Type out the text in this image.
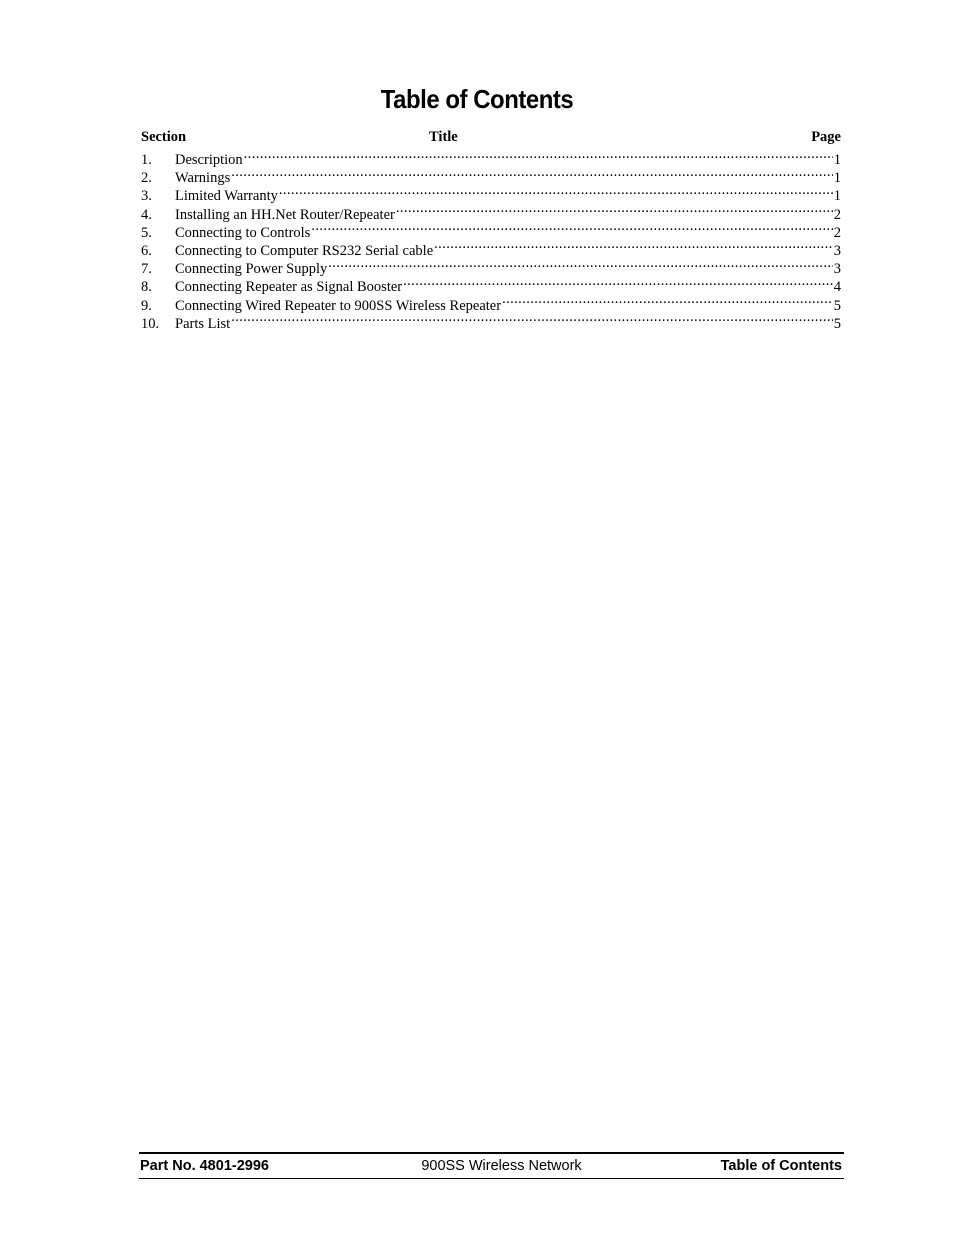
Table of Contents
Section	Title	Page
1.	Description .....	1
2.	Warnings .....	1
3.	Limited Warranty .....	1
4.	Installing an HH.Net Router/Repeater .....	2
5.	Connecting to Controls .....	2
6.	Connecting to Computer RS232 Serial cable .....	3
7.	Connecting Power Supply .....	3
8.	Connecting Repeater as Signal Booster .....	4
9.	Connecting Wired Repeater to 900SS Wireless Repeater .....	5
10.	Parts List .....	5
Part No. 4801-2996	900SS Wireless Network	Table of Contents
